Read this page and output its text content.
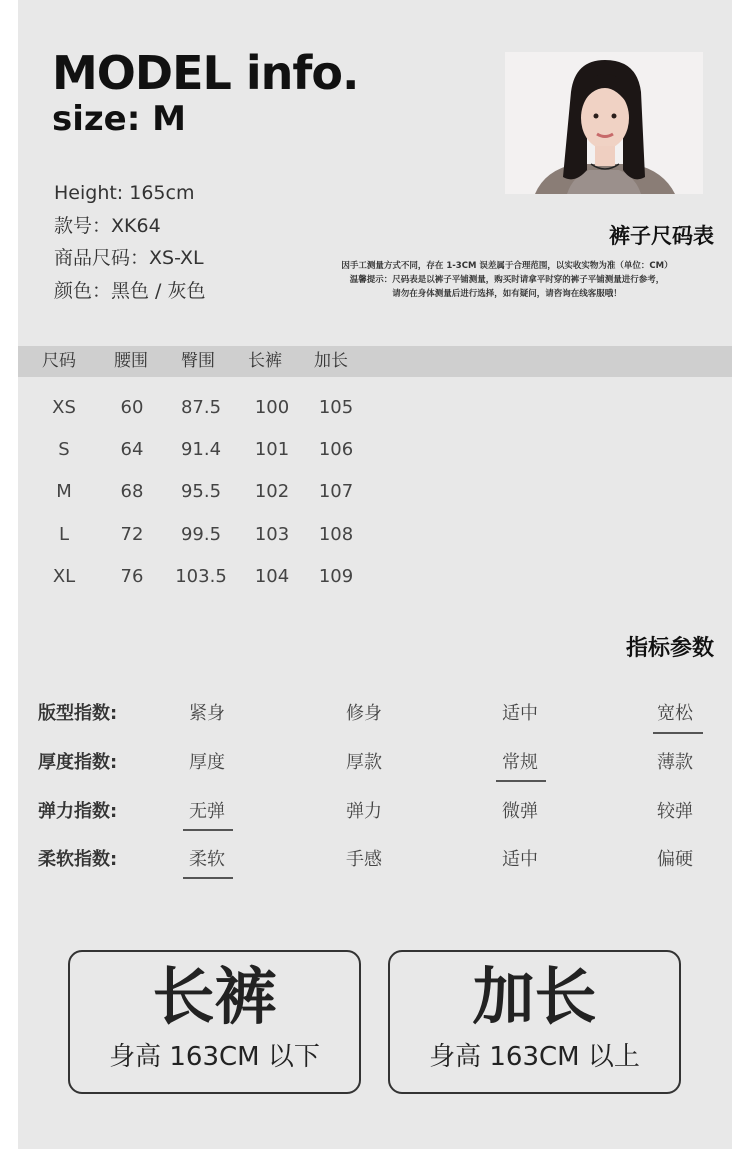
MODEL info.
size: M
Height: 165cm
款号：XK64
商品尺码：XS-XL
颜色：黑色 / 灰色
裤子尺码表
因手工测量方式不同，存在 1-3CM 误差属于合理范围，以实收实物为准（单位：CM）
温馨提示：尺码表是以裤子平铺测量，购买时请拿平时穿的裤子平铺测量进行参考，
请勿在身体测量后进行选择，如有疑问，请咨询在线客服哦！
尺码 腰围 臀围 长裤 加长
XS	60	87.5	100	105
S	64	91.4	101	106
M	68	95.5	102	107
L	72	99.5	103	108
XL	76	103.5	104	109
指标参数
版型指数:	紧身	修身	适中	宽松
厚度指数:	厚度	厚款	常规	薄款
弹力指数:	无弹	弹力	微弹	较弹
柔软指数:	柔软	手感	适中	偏硬
长裤
身高 163CM 以下
加长
身高 163CM 以上
